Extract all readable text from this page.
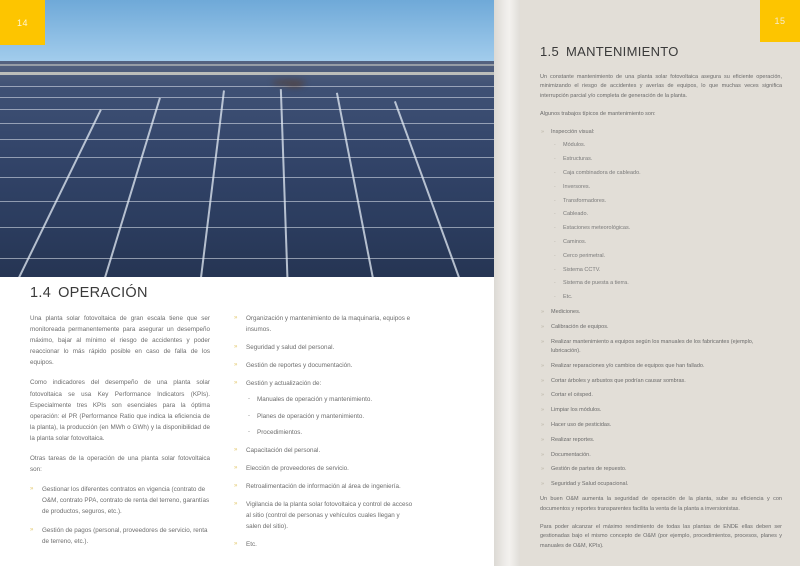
14
1.4 OPERACIÓN

Una planta solar fotovoltaica de gran escala tiene que ser monitoreada permanentemente para asegurar un desempeño máximo, bajar al mínimo el riesgo de accidentes y poder reaccionar lo más rápido posible en caso de falla de los equipos.

Como indicadores del desempeño de una planta solar fotovoltaica se usa Key Performance Indicators (KPIs). Especialmente tres KPIs son esenciales para la óptima operación: el PR (Performance Ratio que indica la eficiencia de la planta), la producción (en MWh o GWh) y la disponibilidad de la planta solar fotovoltaica.

Otras tareas de la operación de una planta solar fotovoltaica son:

» Gestionar los diferentes contratos en vigencia (contrato de O&M, contrato PPA, contrato de renta del terreno, garantías de productos, seguros, etc.).
» Gestión de pagos (personal, proveedores de servicio, renta de terreno, etc.).
» Organización y mantenimiento de la maquinaria, equipos e insumos.
» Seguridad y salud del personal.
» Gestión de reportes y documentación.
» Gestión y actualización de:
- Manuales de operación y mantenimiento.
- Planes de operación y mantenimiento.
- Procedimientos.
» Capacitación del personal.
» Elección de proveedores de servicio.
» Retroalimentación de información al área de ingeniería.
» Vigilancia de la planta solar fotovoltaica y control de acceso al sitio (control de personas y vehículos cuales llegan y salen del sitio).
» Etc.
15
1.5 MANTENIMIENTO

Un constante mantenimiento de una planta solar fotovoltaica asegura su eficiente operación, minimizando el riesgo de accidentes y averías de equipos, lo que muchas veces significa interrupción parcial y/o completa de generación de la planta.

Algunos trabajos típicos de mantenimiento son:

» Inspección visual:
· Módulos.
· Estructuras.
· Caja combinadora de cableado.
· Inversores.
· Transformadores.
· Cableado.
· Estaciones meteorológicas.
· Caminos.
· Cerco perimetral.
· Sistema CCTV.
· Sistema de puesta a tierra.
· Etc.
» Mediciones.
» Calibración de equipos.
» Realizar mantenimiento a equipos según los manuales de los fabricantes (ejemplo, lubricación).
» Realizar reparaciones y/o cambios de equipos que han fallado.
» Cortar árboles y arbustos que podrían causar sombras.
» Cortar el césped.
» Limpiar los módulos.
» Hacer uso de pesticidas.
» Realizar reportes.
» Documentación.
» Gestión de partes de repuesto.
» Seguridad y Salud ocupacional.

Un buen O&M aumenta la seguridad de operación de la planta, sube su eficiencia y con documentos y reportes transparentes facilita la venta de la planta a inversionistas.

Para poder alcanzar el máximo rendimiento de todas las plantas de ENDE ellas deben ser gestionadas bajo el mismo concepto de O&M (por ejemplo, procedimientos, procesos, planes y manuales de O&M, KPIs).
